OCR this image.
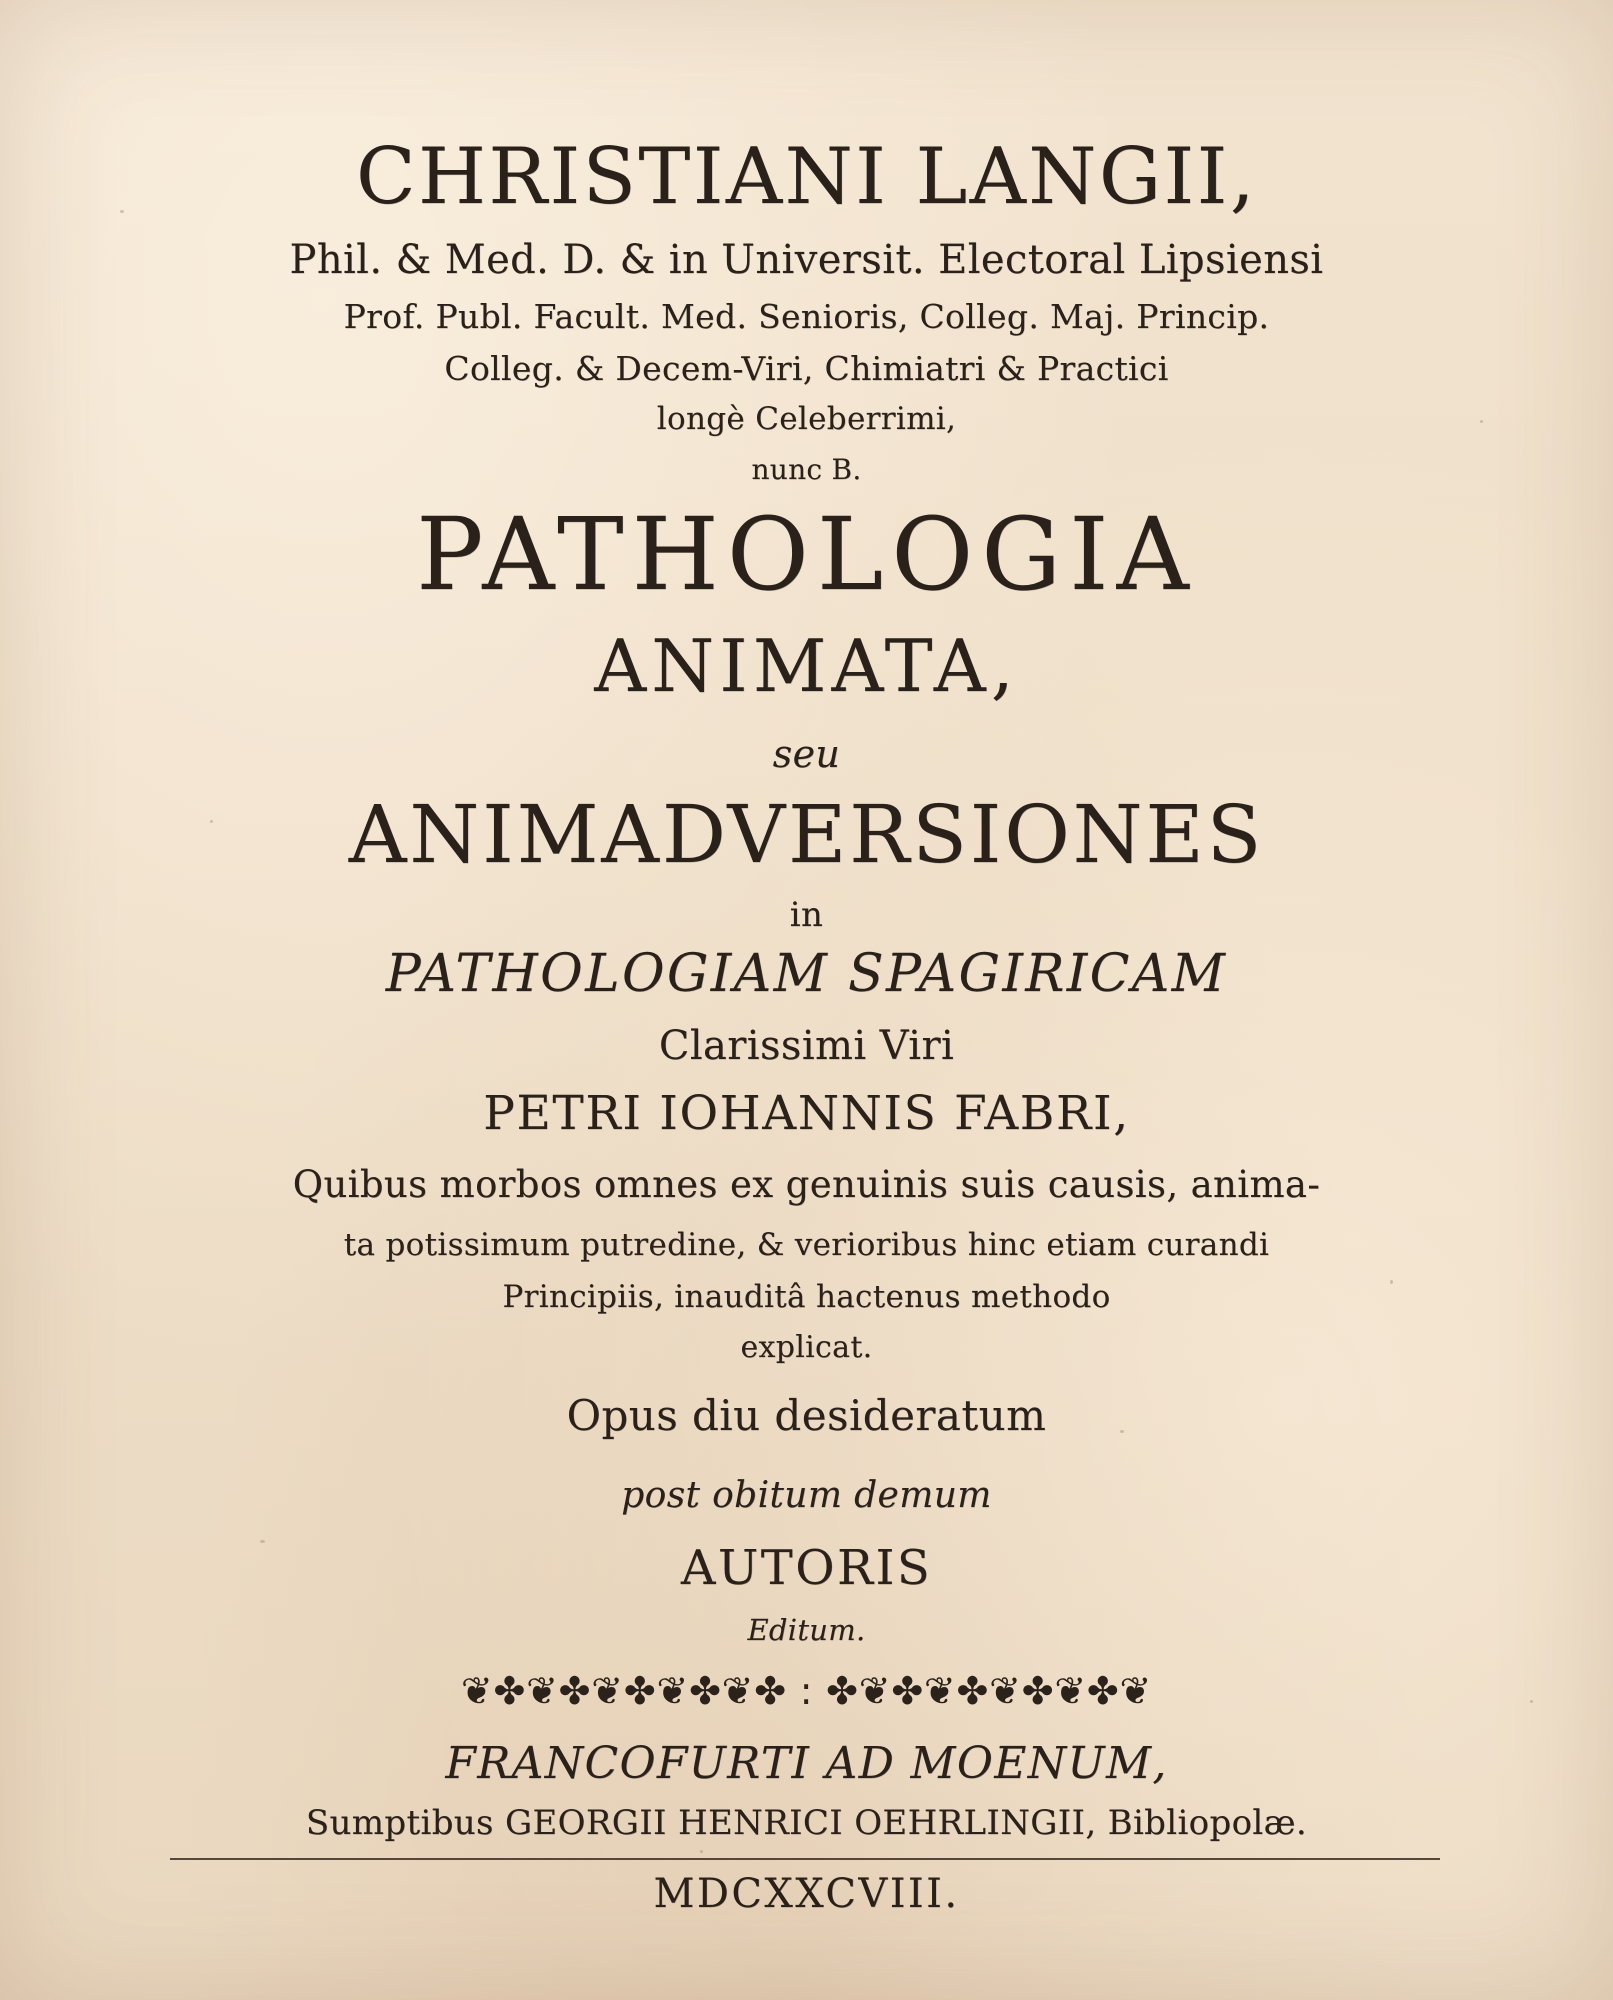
CHRISTIANI LANGII,
Phil. & Med. D. & in Universit. Electoral Lipsiensi
Prof. Publ. Facult. Med. Senioris, Colleg. Maj. Princip.
Colleg. & Decem-Viri, Chimiatri & Practici
longè Celeberrimi,
nunc B.
PATHOLOGIA
ANIMATA,
seu
ANIMADVERSIONES
in
PATHOLOGIAM SPAGIRICAM
Clarissimi Viri
PETRI IOHANNIS FABRI,
Quibus morbos omnes ex genuinis suis causis, anima-
ta potissimum putredine, & verioribus hinc etiam curandi
Principiis, inauditâ hactenus methodo
explicat.
Opus diu desideratum
post obitum demum
AUTORIS
Editum.
❦✤❦✤❦✤❦✤❦✤ : ✤❦✤❦✤❦✤❦✤❦
FRANCOFURTI AD MOENUM,
Sumptibus GEORGII HENRICI OEHRLINGII, Bibliopolæ.
MDCXXCVIII.
